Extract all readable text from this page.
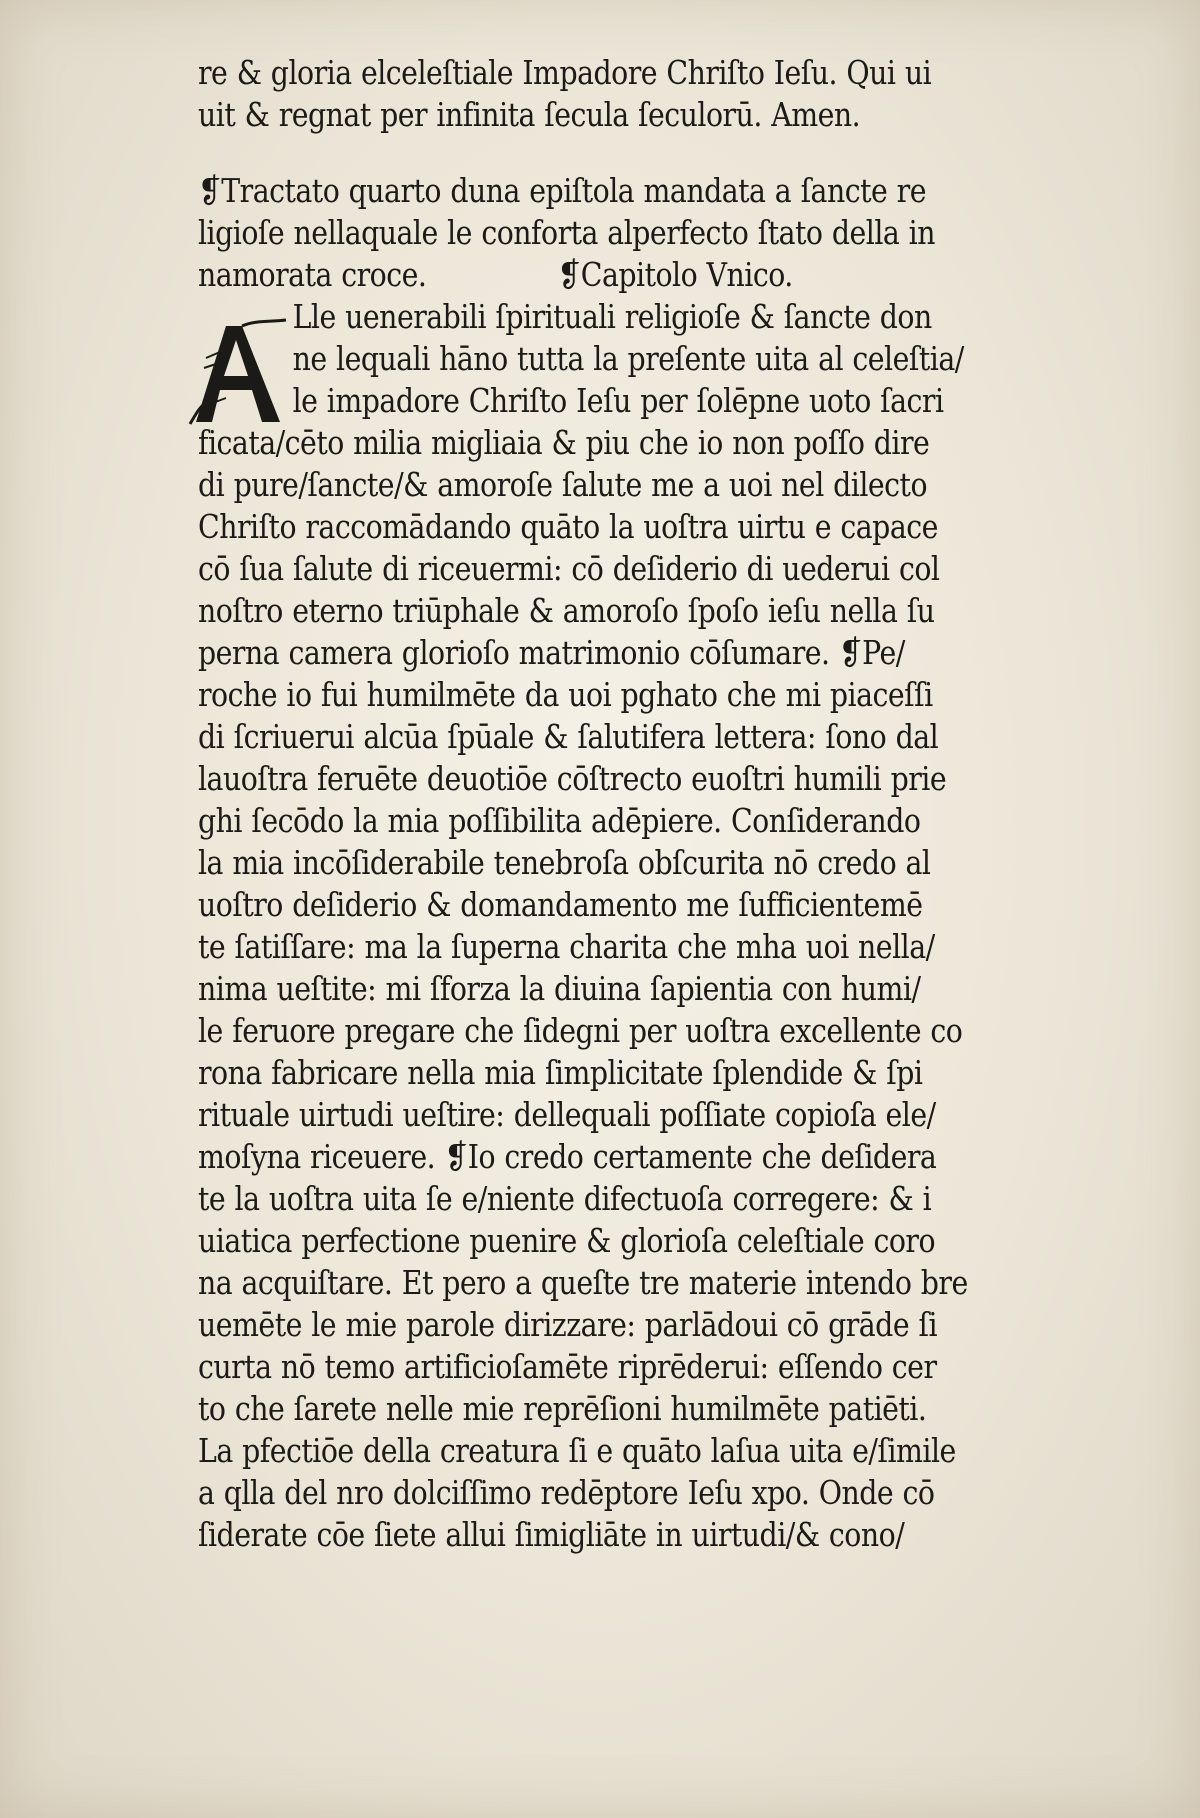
re & gloria elceleſtiale Impadore Chriſto Ieſu. Qui ui
uit & regnat per infinita ſecula ſeculorū. Amen.
❡Tractato quarto duna epiſtola mandata a ſancte re
ligioſe nellaquale le conforta alperfecto ſtato della in
namorata croce.              ❡Capitolo Vnico.
Lle uenerabili ſpirituali religioſe & ſancte don
ne lequali hāno tutta la preſente uita al celeſtia/
le impadore Chriſto Ieſu per ſolēpne uoto ſacri
ficata/cēto milia migliaia & piu che io non poſſo dire
di pure/ſancte/& amoroſe ſalute me a uoi nel dilecto
Chriſto raccomādando quāto la uoſtra uirtu e capace
cō ſua ſalute di riceuermi: cō deſiderio di uederui col
noſtro eterno triūphale & amoroſo ſpoſo ieſu nella ſu
perna camera glorioſo matrimonio cōſumare. ❡Pe/
roche io fui humilmēte da uoi pghato che mi piaceſſi
di ſcriuerui alcūa ſpūale & ſalutifera lettera: ſono dal
lauoſtra feruēte deuotiōe cōſtrecto euoſtri humili prie
ghi ſecōdo la mia poſſibilita adēpiere. Conſiderando
la mia incōſiderabile tenebroſa obſcurita nō credo al
uoſtro deſiderio & domandamento me ſufficientemē
te ſatiſſare: ma la ſuperna charita che mha uoi nella/
nima ueſtite: mi ſforza la diuina ſapientia con humi/
le feruore pregare che ſidegni per uoſtra excellente co
rona fabricare nella mia ſimplicitate ſplendide & ſpi
rituale uirtudi ueſtire: dellequali poſſiate copioſa ele/
moſyna riceuere. ❡Io credo certamente che deſidera
te la uoſtra uita ſe e/niente difectuoſa corregere: & i
uiatica perfectione puenire & glorioſa celeſtiale coro
na acquiſtare. Et pero a queſte tre materie intendo bre
uemēte le mie parole dirizzare: parlādoui cō grāde ſi
curta nō temo artificioſamēte riprēderui: eſſendo cer
to che ſarete nelle mie reprēſioni humilmēte patiēti.
La pfectiōe della creatura ſi e quāto laſua uita e/ſimile
a qlla del nro dolciſſimo redēptore Ieſu xpo. Onde cō
ſiderate cōe ſiete allui ſimigliāte in uirtudi/& cono/
